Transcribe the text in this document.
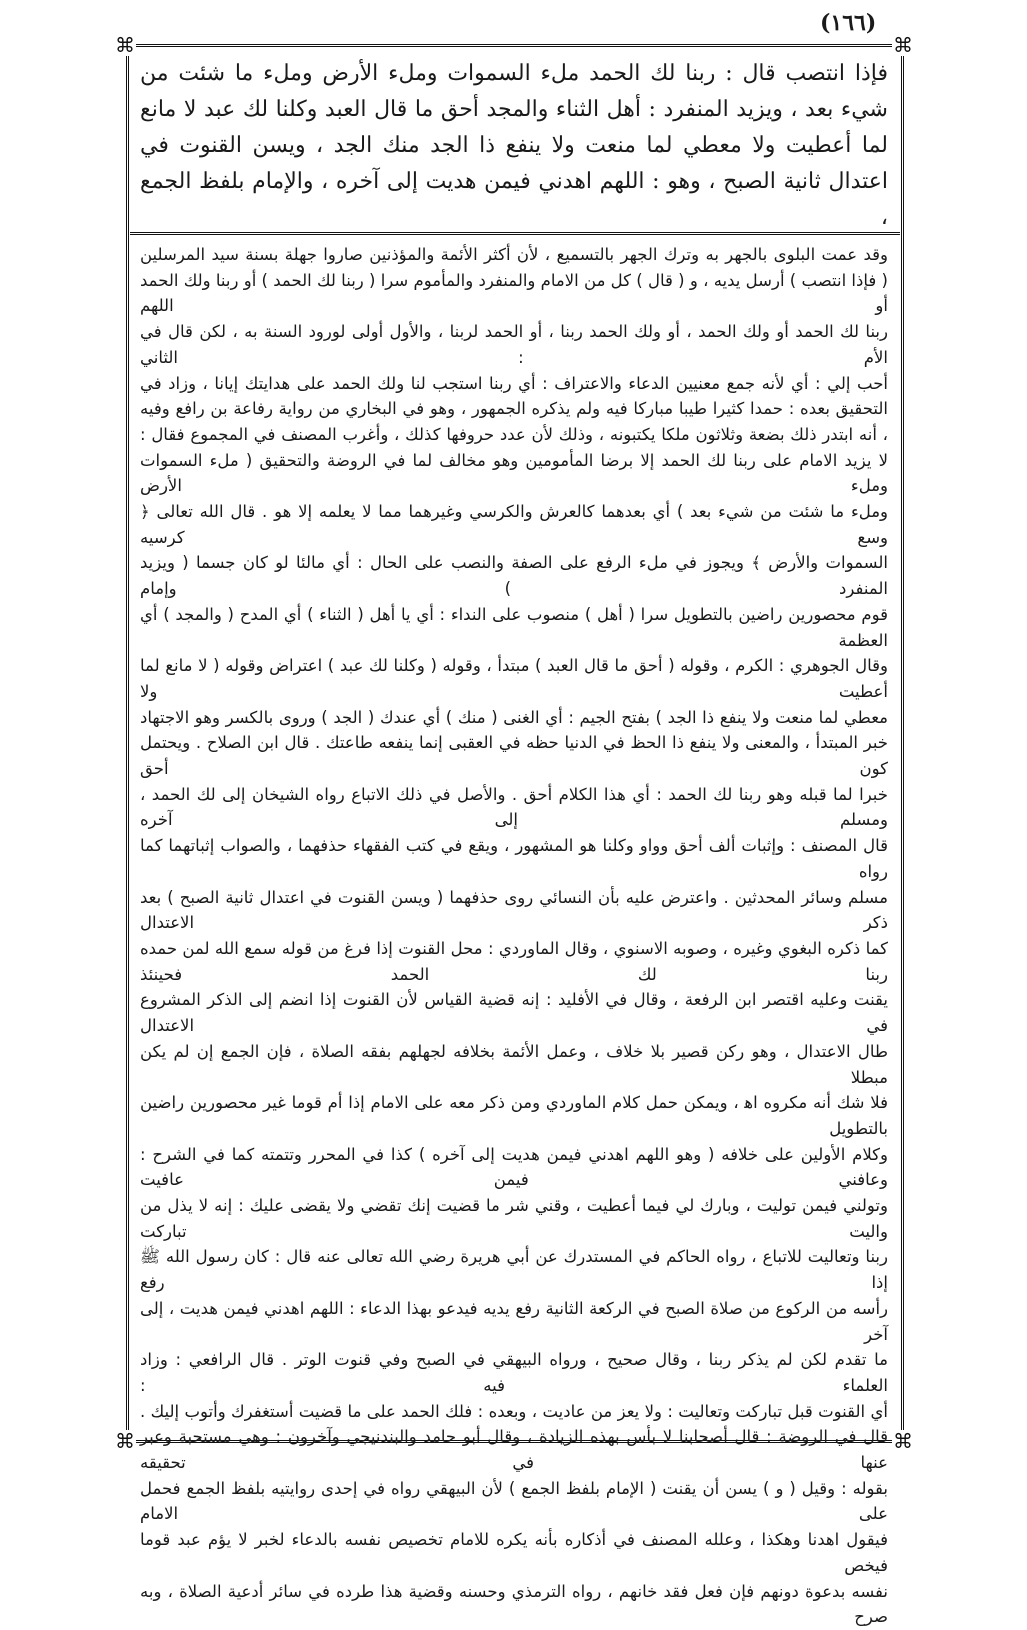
(١٦٦)
⌘	⌘
⌘	⌘

فإذا انتصب قال : ربنا لك الحمد ملء السموات وملء الأرض وملء ما شئت من شيء بعد ، ويزيد المنفرد : أهل الثناء والمجد أحق ما قال العبد وكلنا لك عبد لا مانع لما أعطيت ولا معطي لما منعت ولا ينفع ذا الجد منك الجد ، ويسن القنوت في اعتدال ثانية الصبح ، وهو : اللهم اهدني فيمن هديت إلى آخره ، والإمام بلفظ الجمع ،

وقد عمت البلوى بالجهر به وترك الجهر بالتسميع ، لأن أكثر الأئمة والمؤذنين صاروا جهلة بسنة سيد المرسلين

( فإذا انتصب ) أرسل يديه ، و ( قال ) كل من الامام والمنفرد والمأموم سرا ( ربنا لك الحمد ) أو ربنا ولك الحمد أو اللهم

ربنا لك الحمد أو ولك الحمد ، أو ولك الحمد ربنا ، أو الحمد لربنا ، والأول أولى لورود السنة به ، لكن قال في الأم : الثاني

أحب إلي : أي لأنه جمع معنيين الدعاء والاعتراف : أي ربنا استجب لنا ولك الحمد على هدايتك إيانا ، وزاد في

التحقيق بعده : حمدا كثيرا طيبا مباركا فيه ولم يذكره الجمهور ، وهو في البخاري من رواية رفاعة بن رافع وفيه

، أنه ابتدر ذلك بضعة وثلاثون ملكا يكتبونه ، وذلك لأن عدد حروفها كذلك ، وأغرب المصنف في المجموع فقال :

لا يزيد الامام على ربنا لك الحمد إلا برضا المأمومين وهو مخالف لما في الروضة والتحقيق ( ملء السموات وملء الأرض

وملء ما شئت من شيء بعد ) أي بعدهما كالعرش والكرسي وغيرهما مما لا يعلمه إلا هو . قال الله تعالى ﴿ وسع كرسيه

السموات والأرض ﴾ ويجوز في ملء الرفع على الصفة والنصب على الحال : أي مالئا لو كان جسما ( ويزيد المنفرد ) وإمام

قوم محصورين راضين بالتطويل سرا ( أهل ) منصوب على النداء : أي يا أهل ( الثناء ) أي المدح ( والمجد ) أي العظمة

وقال الجوهري : الكرم ، وقوله ( أحق ما قال العبد ) مبتدأ ، وقوله ( وكلنا لك عبد ) اعتراض وقوله ( لا مانع لما أعطيت ولا

معطي لما منعت ولا ينفع ذا الجد ) بفتح الجيم : أي الغنى ( منك ) أي عندك ( الجد ) وروى بالكسر وهو الاجتهاد

خبر المبتدأ ، والمعنى ولا ينفع ذا الحظ في الدنيا حظه في العقبى إنما ينفعه طاعتك . قال ابن الصلاح . ويحتمل كون أحق

خبرا لما قبله وهو ربنا لك الحمد : أي هذا الكلام أحق . والأصل في ذلك الاتباع رواه الشيخان إلى لك الحمد ، ومسلم إلى آخره

قال المصنف : وإثبات ألف أحق وواو وكلنا هو المشهور ، ويقع في كتب الفقهاء حذفهما ، والصواب إثباتهما كما رواه

مسلم وسائر المحدثين . واعترض عليه بأن النسائي روى حذفهما ( ويسن القنوت في اعتدال ثانية الصبح ) بعد ذكر الاعتدال

كما ذكره البغوي وغيره ، وصوبه الاسنوي ، وقال الماوردي : محل القنوت إذا فرغ من قوله سمع الله لمن حمده ربنا لك الحمد فحينئذ

يقنت وعليه اقتصر ابن الرفعة ، وقال في الأفليد : إنه قضية القياس لأن القنوت إذا انضم إلى الذكر المشروع في الاعتدال

طال الاعتدال ، وهو ركن قصير بلا خلاف ، وعمل الأئمة بخلافه لجهلهم بفقه الصلاة ، فإن الجمع إن لم يكن مبطلا

فلا شك أنه مكروه اه‍ ، ويمكن حمل كلام الماوردي ومن ذكر معه على الامام إذا أم قوما غير محصورين راضين بالتطويل

وكلام الأولين على خلافه ( وهو اللهم اهدني فيمن هديت إلى آخره ) كذا في المحرر وتتمته كما في الشرح : وعافني فيمن عافيت

وتولني فيمن توليت ، وبارك لي فيما أعطيت ، وقني شر ما قضيت إنك تقضي ولا يقضى عليك : إنه لا يذل من واليت تباركت

ربنا وتعاليت للاتباع ، رواه الحاكم في المستدرك عن أبي هريرة رضي الله تعالى عنه قال : كان رسول الله ﷺ إذا رفع

رأسه من الركوع من صلاة الصبح في الركعة الثانية رفع يديه فيدعو بهذا الدعاء : اللهم اهدني فيمن هديت ، إلى آخر

ما تقدم لكن لم يذكر ربنا ، وقال صحيح ، ورواه البيهقي في الصبح وفي قنوت الوتر . قال الرافعي : وزاد العلماء فيه :

أي القنوت قبل تباركت وتعاليت : ولا يعز من عاديت ، وبعده : فلك الحمد على ما قضيت أستغفرك وأتوب إليك .

قال في الروضة : قال أصحابنا لا بأس بهذه الزيادة ، وقال أبو حامد والبندنيجي وآخرون : وهي مستحبة وعبر عنها في تحقيقه

بقوله : وقيل ( و ) يسن أن يقنت ( الإمام بلفظ الجمع ) لأن البيهقي رواه في إحدى روايتيه بلفظ الجمع فحمل على الامام

فيقول اهدنا وهكذا ، وعلله المصنف في أذكاره بأنه يكره للامام تخصيص نفسه بالدعاء لخبر لا يؤم عبد قوما فيخص

نفسه بدعوة دونهم فإن فعل فقد خانهم ، رواه الترمذي وحسنه وقضية هذا طرده في سائر أدعية الصلاة ، وبه صرح
